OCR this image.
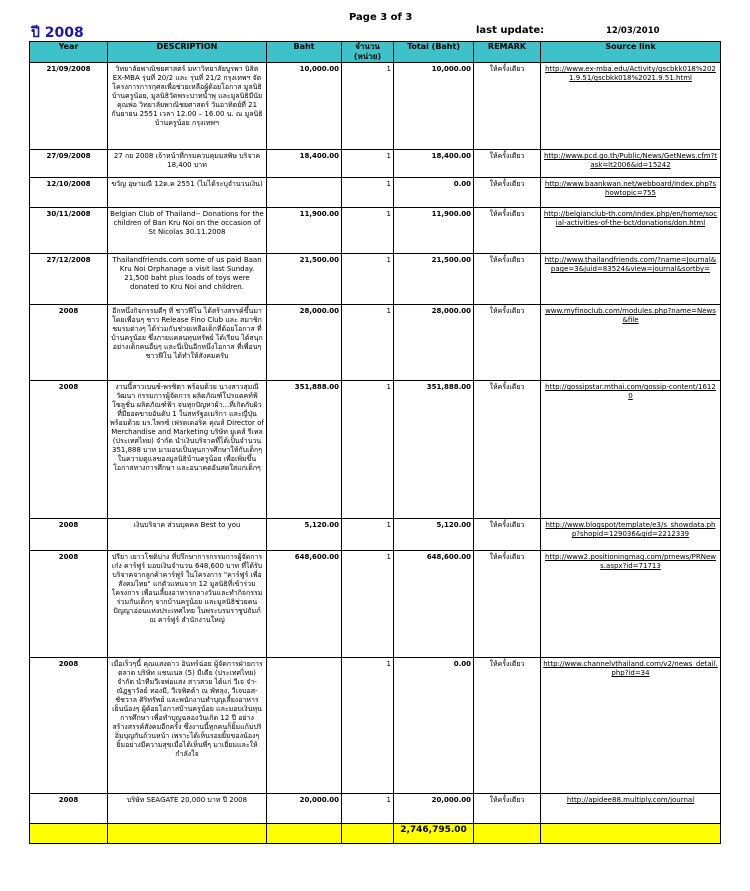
ปี 2008
Page 3 of 3
last update:	12/03/2010
Year	DESCRIPTION	Baht	จำนวน (หน่วย)	Total (Baht)	REMARK	Source link
21/09/2008	วิทยาลัยพาณิชยศาสตร์ มหาวิทยาลัยบูรพา นิสิต EX-MBA รุ่นที่ 20/2 และ รุ่นที่ 21/2 กรุงเทพฯ จัดโครงการการกุศลเพื่อช่วยเหลือผู้ด้อยโอกาส มูลนิธิบ้านครูน้อย, มูลนิธิวัดพระบาทน้ำพุ และมูลนิธิมีนัย คุณพ่อ วิทยาลัยพาณิชยศาสตร์ วันอาทิตย์ที่ 21 กันยายน 2551 เวลา 12.00 – 16.00 น. ณ มูลนิธิบ้านครูน้อย กรุงเทพฯ	10,000.00	1	10,000.00	ให้ครั้งเดียว	http://www.ex-mba.edu/Activity/gscbkk018%2021.9.51/gscbkk018%2021.9.51.html
27/09/2008	27 กย 2008 เจ้าหน้าที่กรมควบคุมมลพิษ บริจาค 18,400 บาท	18,400.00	1	18,400.00	ให้ครั้งเดียว	http://www.pcd.go.th/Public/News/GetNews.cfm?task=lt2006&id=15242
12/10/2008	ขวัญ อุษามณี 12ต.ค 2551 (ไม่ได้ระบุจำนวนเงิน)		1	0.00	ให้ครั้งเดียว	http://www.baankwan.net/webboard/index.php?showtopic=755
30/11/2008	Belgian Club of Thailand-- Donations for the children of Ban Kru Noi on the occasion of St Nicolas 30.11.2008	11,900.00	1	11,900.00	ให้ครั้งเดียว	http://belgianclub-th.com/index.php/en/home/social-activities-of-the-bct/donations/don.html
27/12/2008	Thailandfriends.com some of us paid Baan Kru Noi Orphanage a visit last Sunday. 21,500 baht plus loads of toys were donated to Kru Noi and children.	21,500.00	1	21,500.00	ให้ครั้งเดียว	http://www.thailandfriends.com/?name=Journal&page=3&juid=83524&view=journal&sortby=
2008	อีกหนึ่งกิจกรรมดีๆ ที่ ชาวฟีโน ได้สร้างสรรค์ขึ้นมา โดยเพื่อนๆ ชาว Release Fino Club และ สมาชิกชมรมต่างๆ ได้ร่วมกันช่วยเหลือเด็กที่ด้อยโอกาส ที่บ้านครูน้อย ซึ่งภายแคลนทุนทรัพย์ ได้เรียน ได้สนุก อย่างเด็กคนอื่นๆ และนี่เป็นอีกหนึ่งโอกาส ที่เพื่อนๆ ชาวฟีโน ได้ทำให้สังคมครับ	28,000.00	1	28,000.00	ให้ครั้งเดียว	www.myfinoclub.com/modules.php?name=News&file
2008	งานนี้สาวเบนซ์-พรชิตา พร้อมด้วย นางสาวสุมณี วัฒนา กรรมการผู้จัดการ ผลิตภัณฑ์โปรแดคท์ฟ้ โซลูชั่น ผลิตภัณฑ์ฟ้า จนทุกปัญหาผ้า...ที่เกิดกับผิว ที่มียอดขายอันดับ 1 ในสหรัฐอเมริกา และญี่ปุ่น พร้อมด้วย มร.ไพรซ์ เฟรดเดอริค คุณส์ Director of Merchandise and Marketing บริษัท ยูเคส์ รีเทล (ประเทศไทย) จำกัด นำเงินบริจาคที่ได้เป็นจำนวน 351,888 บาท มามอบเป็นทุนการศึกษาให้กับเด็กๆ ในความดูแลของมูลนิธิบ้านครูน้อย เพื่อเพิ่มขึ้นโอกาสทางการศึกษา และอนาคตอันสดใสแก่เด็กๆ	351,888.00	1	351,888.00	ให้ครั้งเดียว	http://gossipstar.mthai.com/gossip-content/16120
2008	เงินบริจาค ส่วนบุคคล Best to you	5,120.00	1	5,120.00	ให้ครั้งเดียว	http://www.blogspot/template/e3/s_showdata.php?shopid=129036&qid=2212339
2008	ปรียา เยาวโชติบ่าง ที่ปรึกษาการกรรมการผู้จัดการ เก๋ง คาร์ฟูร์ มอบเงินจำนวน 648,600 บาท ที่ได้รับบริจาคจากลูกค้าคาร์ฟูร์ ในโครงการ "คาร์ฟูร์ เพื่อสังคมไทย" แก่ตัวแทนจาก 12 มูลนิธิที่เข้าร่วมโครงการ เพื่อนเลี้ยงอาหารกลางวันและทำกิจกรรมร่วมกันเด็กๆ จากบ้านครูน้อย และมูลนิธิช่วยคนปัญญาอ่อนแห่งประเทศไทย ในพระบรมราชูปถัมภ์ ณ คาร์ฟูร์ สำนักงานใหญ่	648,600.00	1	648,600.00	ให้ครั้งเดียว	http://www2.positioningmag.com/prnews/PRNews.aspx?id=71713
2008	เมื่อเร็วๆนี้ คุณแสงดาว อินทร์ฉ่อย ผู้จัดการฝ่ายการตลาด บริษัท แชนเนล (5) มีเดีย (ประเทศไทย) จำกัด นำทีมวีเจพ่อแสง สาวสวย ได้แก่ วีเจ จ๋า-ณัฏฐาวัลย์ ทองมี, วีเจพิตต้า ณ พัทลุง, วีเจบอส-ชัชวาล ศิริทรัพย์ และพนักงานทำบุญเลี้ยงอาหารเย็นน้องๆ ผู้ด้อยโอกาสบ้านครูน้อย และมอบเงินทุนการศึกษา เพื่อทำบุญฉลองวันเกิด 12 ปี อย่างสร้างสรรค์สังคมอีกครั้ง ซึ่งงานนี้ทุกคนก็ยิ้มแก้มปริ อิ่มบุญกันถ้วนหน้า เพราะได้เห็นรอยยิ้มของน้องๆ ยิ้มอย่างมีความสุขเมื่อได้เห็นพี่ๆ มาเยี่ยมและให้กำลังใจ		1	0.00	ให้ครั้งเดียว	http://www.channelvthailand.com/v2/news_detail.php?id=34
2008	บริษัท SEAGATE 20,000 บาท ปี 2008	20,000.00	1	20,000.00	ให้ครั้งเดียว	http://apidee88.multiply.com/journal
				2,746,795.00		
